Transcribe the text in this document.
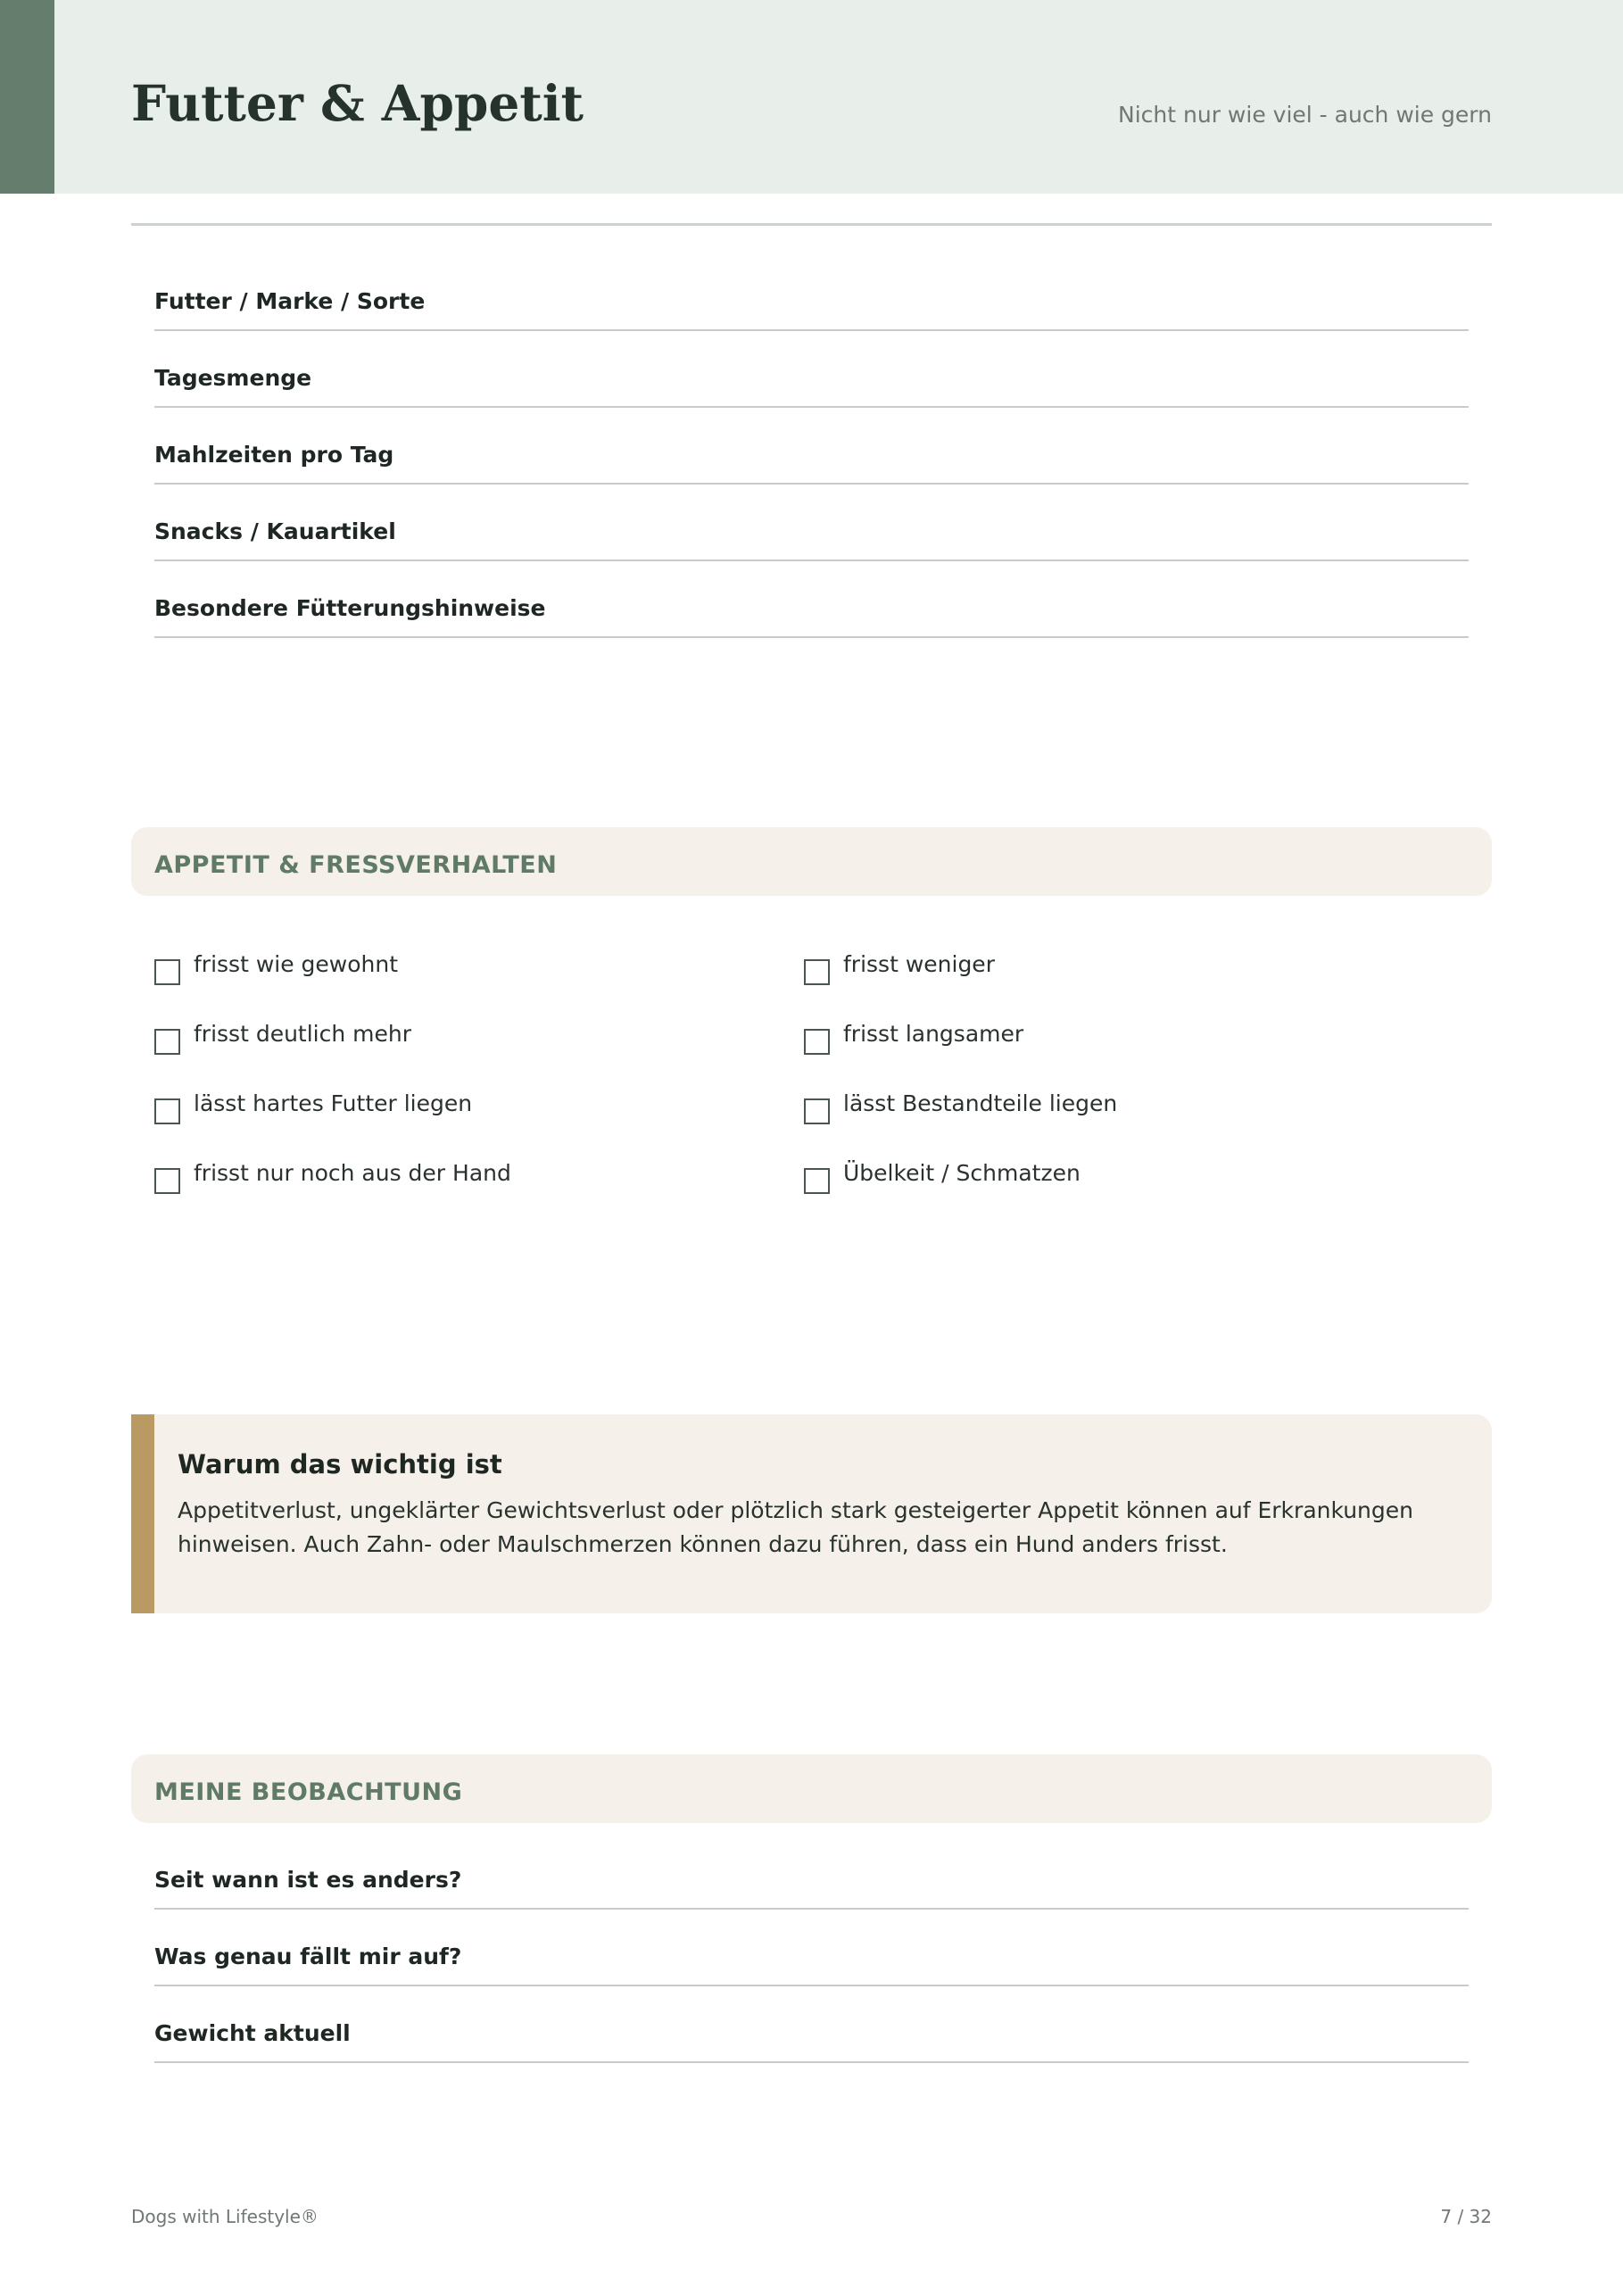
Futter & Appetit	Nicht nur wie viel - auch wie gern
Futter / Marke / Sorte
Tagesmenge
Mahlzeiten pro Tag
Snacks / Kauartikel
Besondere Fütterungshinweise
APPETIT & FRESSVERHALTEN
frisst wie gewohnt	frisst weniger
frisst deutlich mehr	frisst langsamer
lässt hartes Futter liegen	lässt Bestandteile liegen
frisst nur noch aus der Hand	Übelkeit / Schmatzen
Warum das wichtig ist
Appetitverlust, ungeklärter Gewichtsverlust oder plötzlich stark gesteigerter Appetit können auf Erkrankungen hinweisen. Auch Zahn- oder Maulschmerzen können dazu führen, dass ein Hund anders frisst.
MEINE BEOBACHTUNG
Seit wann ist es anders?
Was genau fällt mir auf?
Gewicht aktuell
Dogs with Lifestyle®	7 / 32
